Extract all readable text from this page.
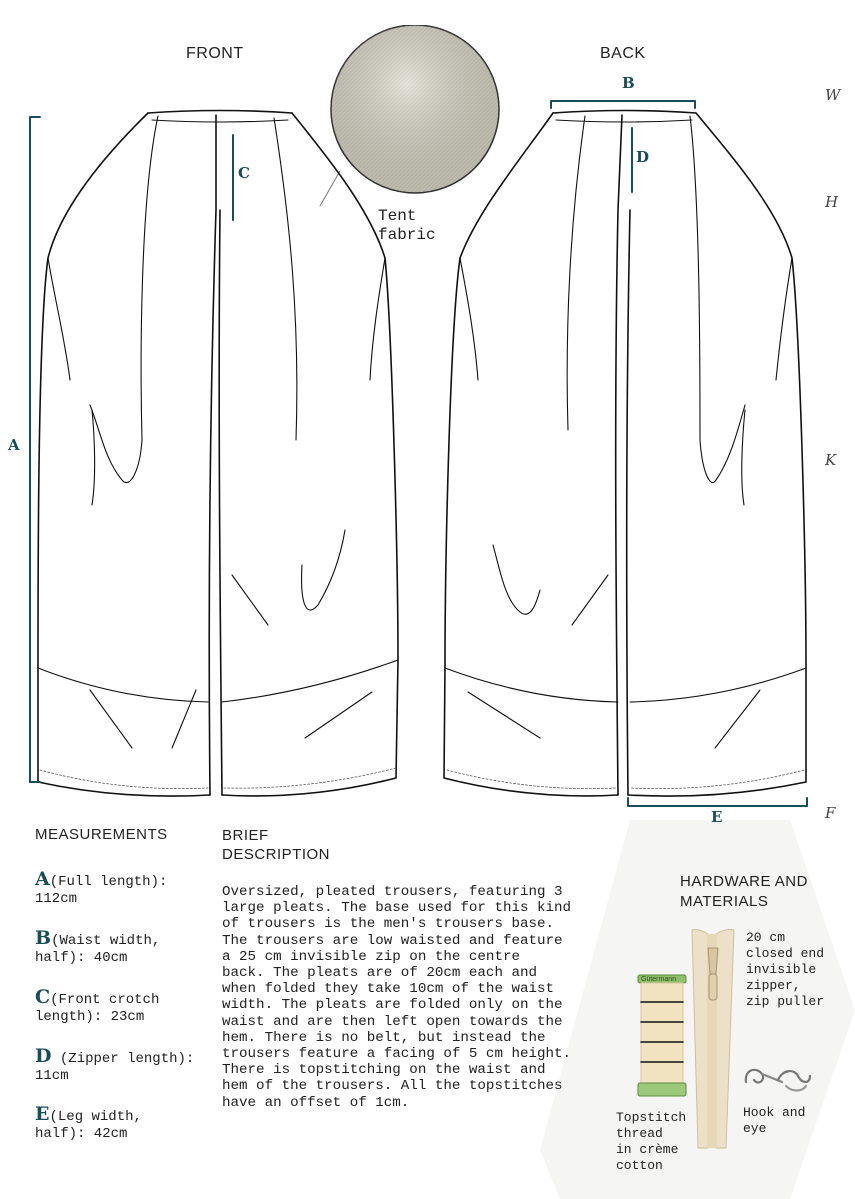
FRONT	BACK
Tent
fabric
A
B
C
D
E
W
H
K
F
MEASUREMENTS
A(Full length):
112cm
B(Waist width,
half): 40cm
C(Front crotch
length): 23cm
D (Zipper length):
11cm
E(Leg width,
half): 42cm
BRIEF
DESCRIPTION
Oversized, pleated trousers, featuring 3
large pleats. The base used for this kind
of trousers is the men's trousers base.
The trousers are low waisted and feature
a 25 cm invisible zip on the centre
back. The pleats are of 20cm each and
when folded they take 10cm of the waist
width. The pleats are folded only on the
waist and are then left open towards the
hem. There is no belt, but instead the
trousers feature a facing of 5 cm height.
There is topstitching on the waist and
hem of the trousers. All the topstitches
have an offset of 1cm.
HARDWARE AND
MATERIALS
Gütermann
Topstitch
thread
in crème
cotton
20 cm
closed end
invisible
zipper,
zip puller
Hook and
eye
